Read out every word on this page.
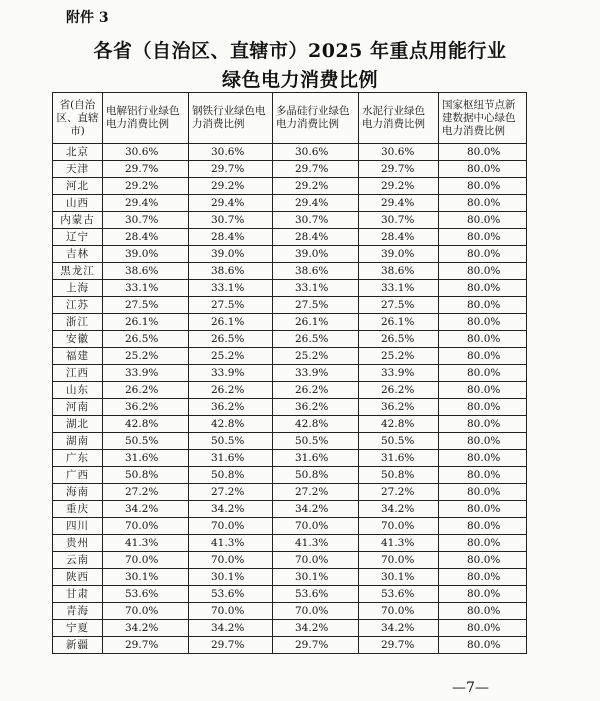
附件 3
各省（自治区、直辖市）2025 年重点用能行业
绿色电力消费比例
省(自治区、直辖市)	电解铝行业绿色电力消费比例	钢铁行业绿色电力消费比例	多晶硅行业绿色电力消费比例	水泥行业绿色电力消费比例	国家枢纽节点新建数据中心绿色电力消费比例
北京	30.6%	30.6%	30.6%	30.6%	80.0%
天津	29.7%	29.7%	29.7%	29.7%	80.0%
河北	29.2%	29.2%	29.2%	29.2%	80.0%
山西	29.4%	29.4%	29.4%	29.4%	80.0%
内蒙古	30.7%	30.7%	30.7%	30.7%	80.0%
辽宁	28.4%	28.4%	28.4%	28.4%	80.0%
吉林	39.0%	39.0%	39.0%	39.0%	80.0%
黑龙江	38.6%	38.6%	38.6%	38.6%	80.0%
上海	33.1%	33.1%	33.1%	33.1%	80.0%
江苏	27.5%	27.5%	27.5%	27.5%	80.0%
浙江	26.1%	26.1%	26.1%	26.1%	80.0%
安徽	26.5%	26.5%	26.5%	26.5%	80.0%
福建	25.2%	25.2%	25.2%	25.2%	80.0%
江西	33.9%	33.9%	33.9%	33.9%	80.0%
山东	26.2%	26.2%	26.2%	26.2%	80.0%
河南	36.2%	36.2%	36.2%	36.2%	80.0%
湖北	42.8%	42.8%	42.8%	42.8%	80.0%
湖南	50.5%	50.5%	50.5%	50.5%	80.0%
广东	31.6%	31.6%	31.6%	31.6%	80.0%
广西	50.8%	50.8%	50.8%	50.8%	80.0%
海南	27.2%	27.2%	27.2%	27.2%	80.0%
重庆	34.2%	34.2%	34.2%	34.2%	80.0%
四川	70.0%	70.0%	70.0%	70.0%	80.0%
贵州	41.3%	41.3%	41.3%	41.3%	80.0%
云南	70.0%	70.0%	70.0%	70.0%	80.0%
陕西	30.1%	30.1%	30.1%	30.1%	80.0%
甘肃	53.6%	53.6%	53.6%	53.6%	80.0%
青海	70.0%	70.0%	70.0%	70.0%	80.0%
宁夏	34.2%	34.2%	34.2%	34.2%	80.0%
新疆	29.7%	29.7%	29.7%	29.7%	80.0%
—7—
